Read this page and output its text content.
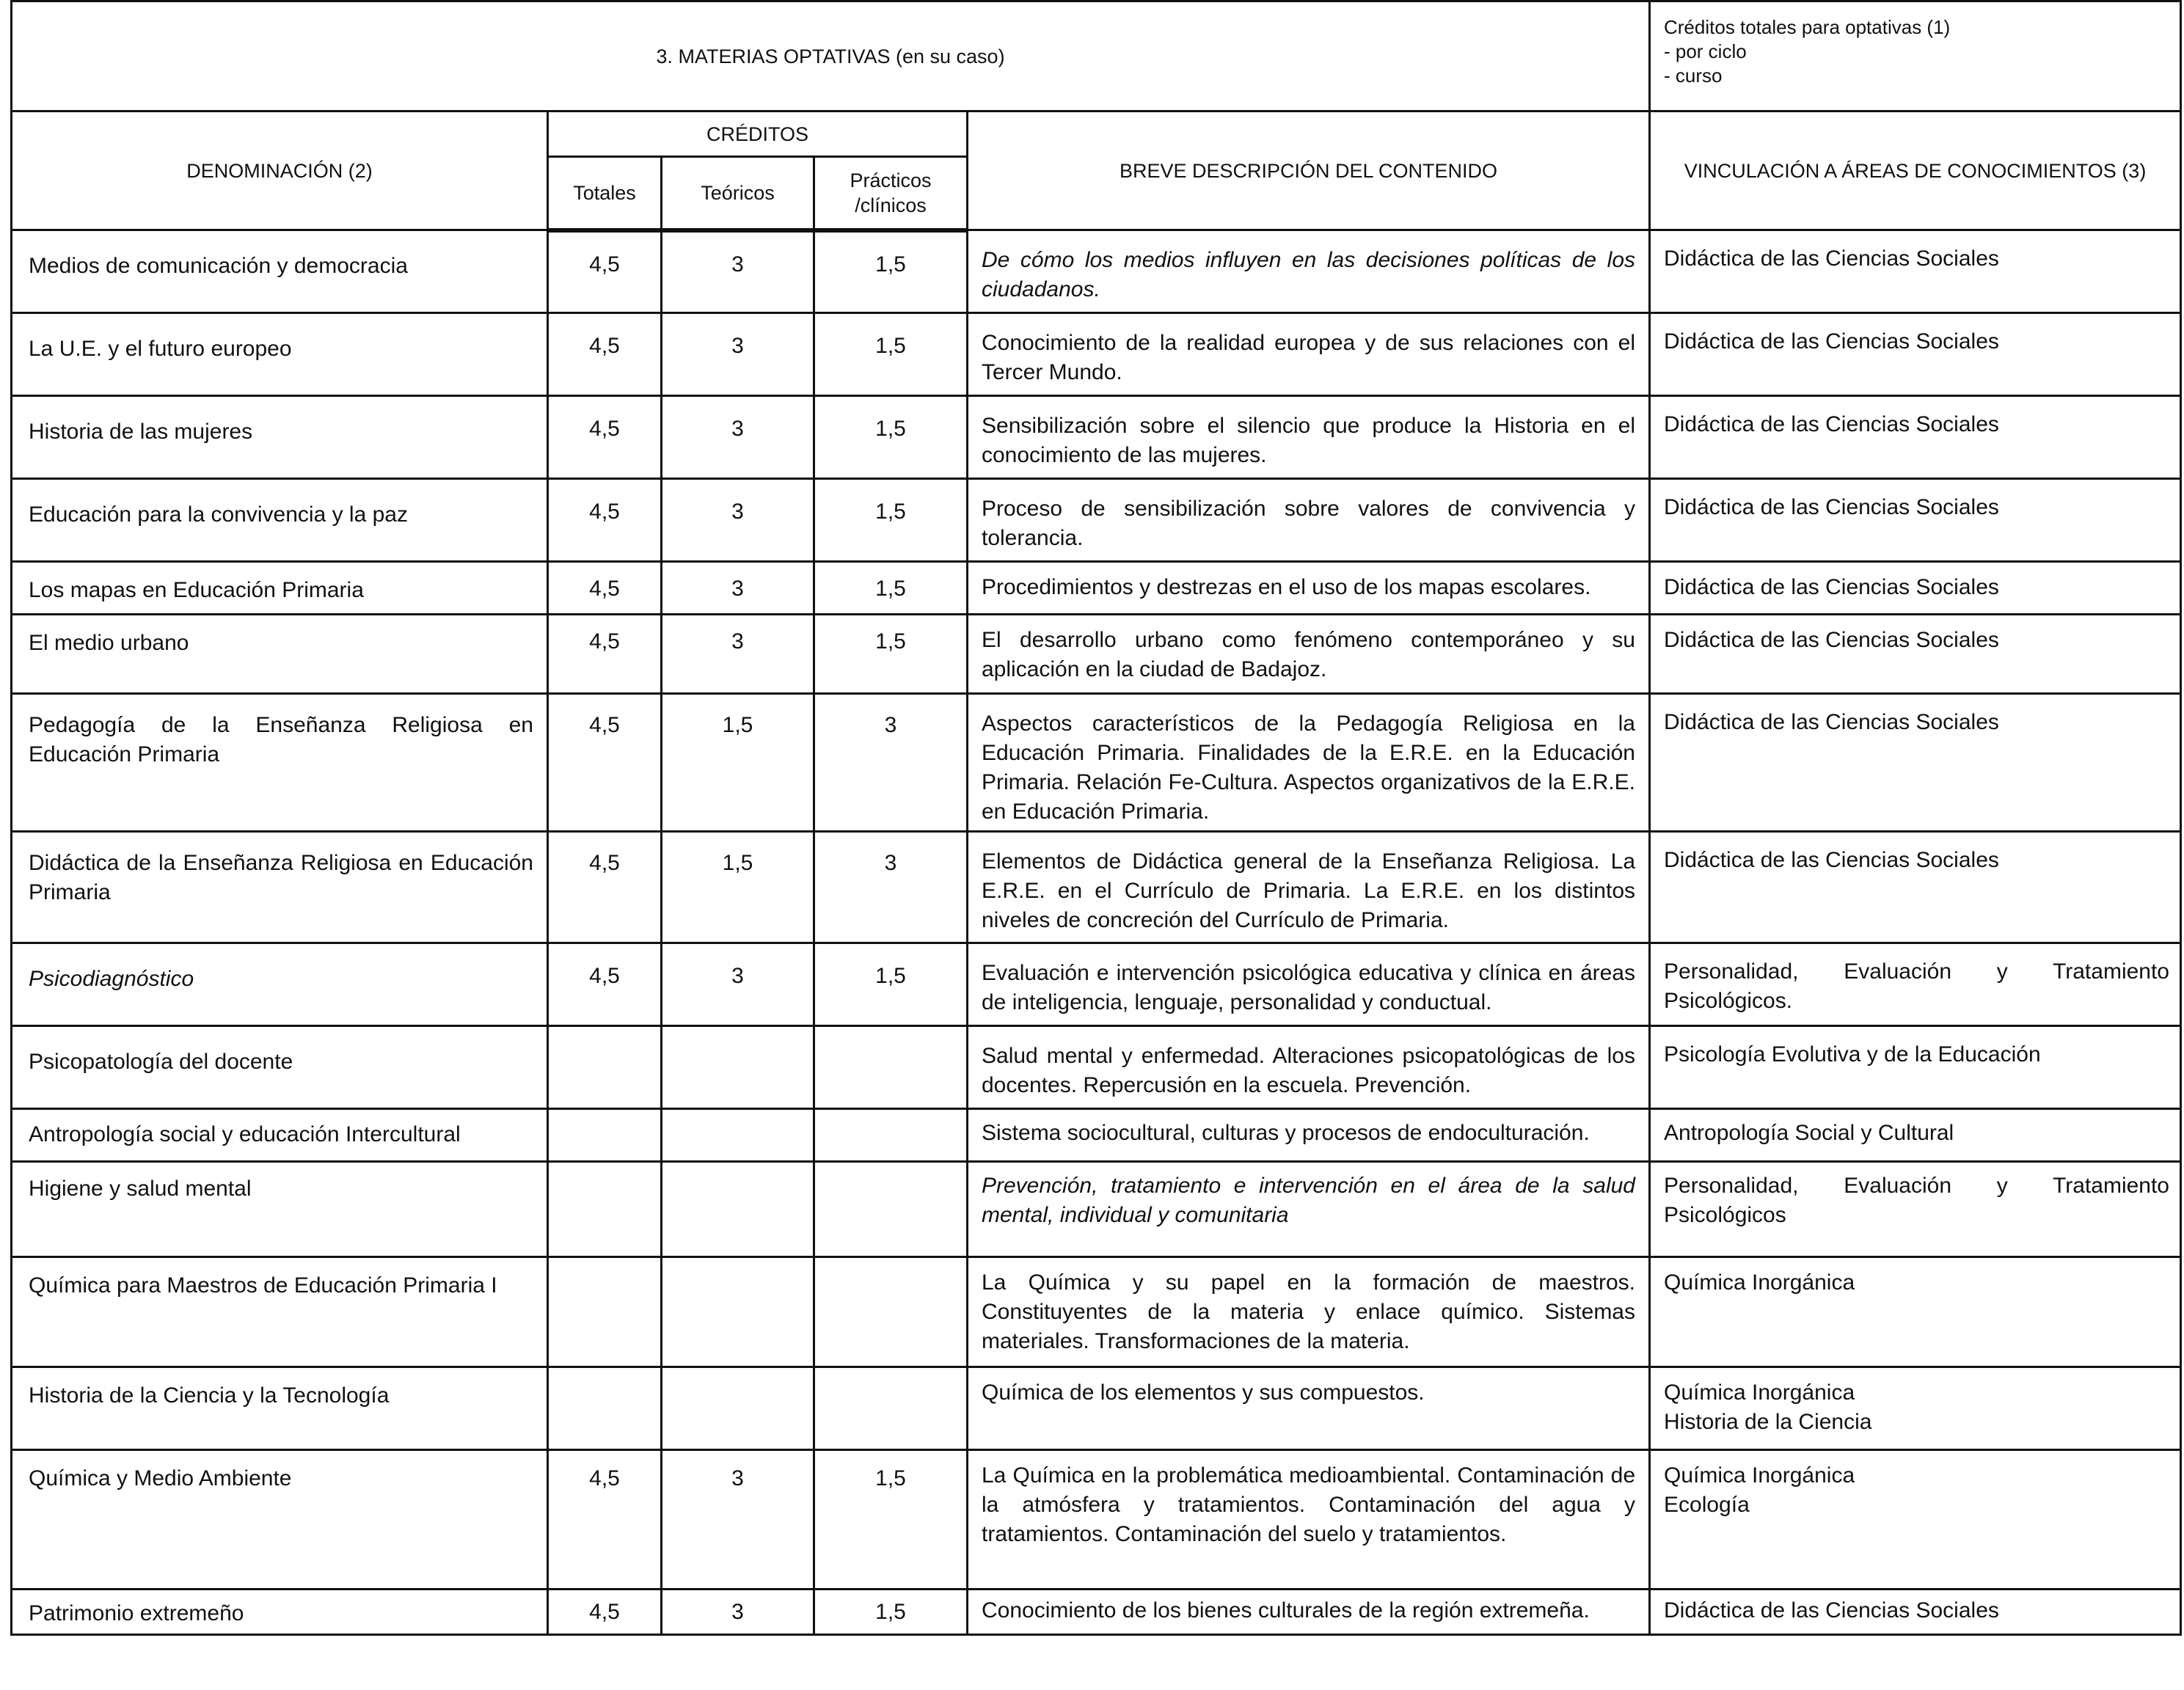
3. MATERIAS OPTATIVAS (en su caso)					Créditos totales para optativas (1)
- por ciclo
- curso
DENOMINACIÓN (2)	CRÉDITOS			BREVE DESCRIPCIÓN DEL CONTENIDO	VINCULACIÓN A ÁREAS DE CONOCIMIENTOS (3)
	Totales	Teóricos	Prácticos
/clínicos		
Medios de comunicación y democracia	4,5	3	1,5	De cómo los medios influyen en las decisiones políticas de los ciudadanos.	Didáctica de las Ciencias Sociales
La U.E. y el futuro europeo	4,5	3	1,5	Conocimiento de la realidad europea y de sus relaciones con el Tercer Mundo.	Didáctica de las Ciencias Sociales
Historia de las mujeres	4,5	3	1,5	Sensibilización sobre el silencio que produce la Historia en el conocimiento de las mujeres.	Didáctica de las Ciencias Sociales
Educación para la convivencia y la paz	4,5	3	1,5	Proceso de sensibilización sobre valores de convivencia y tolerancia.	Didáctica de las Ciencias Sociales
Los mapas en Educación Primaria	4,5	3	1,5	Procedimientos y destrezas en el uso de los mapas escolares.	Didáctica de las Ciencias Sociales
El medio urbano	4,5	3	1,5	El desarrollo urbano como fenómeno contemporáneo y su aplicación en la ciudad de Badajoz.	Didáctica de las Ciencias Sociales
Pedagogía de la Enseñanza Religiosa en Educación Primaria	4,5	1,5	3	Aspectos característicos de la Pedagogía Religiosa en la Educación Primaria. Finalidades de la E.R.E. en la Educación Primaria. Relación Fe-Cultura. Aspectos organizativos de la E.R.E. en Educación Primaria.	Didáctica de las Ciencias Sociales
Didáctica de la Enseñanza Religiosa en Educación Primaria	4,5	1,5	3	Elementos de Didáctica general de la Enseñanza Religiosa. La E.R.E. en el Currículo de Primaria. La E.R.E. en los distintos niveles de concreción del Currículo de Primaria.	Didáctica de las Ciencias Sociales
Psicodiagnóstico	4,5	3	1,5	Evaluación e intervención psicológica educativa y clínica en áreas de inteligencia, lenguaje, personalidad y conductual.	Personalidad, Evaluación y Tratamiento Psicológicos.
Psicopatología del docente				Salud mental y enfermedad. Alteraciones psicopatológicas de los docentes. Repercusión en la escuela. Prevención.	Psicología Evolutiva y de la Educación
Antropología social y educación Intercultural				Sistema sociocultural, culturas y procesos de endoculturación.	Antropología Social y Cultural
Higiene y salud mental				Prevención, tratamiento e intervención en el área de la salud mental, individual y comunitaria	Personalidad, Evaluación y Tratamiento Psicológicos
Química para Maestros de Educación Primaria I				La Química y su papel en la formación de maestros. Constituyentes de la materia y enlace químico. Sistemas materiales. Transformaciones de la materia.	Química Inorgánica
Historia de la Ciencia y la Tecnología				Química de los elementos y sus compuestos.	Química Inorgánica
Historia de la Ciencia
Química y Medio Ambiente	4,5	3	1,5	La Química en la problemática medioambiental. Contaminación de la atmósfera y tratamientos. Contaminación del agua y tratamientos. Contaminación del suelo y tratamientos.	Química Inorgánica
Ecología
Patrimonio extremeño	4,5	3	1,5	Conocimiento de los bienes culturales de la región extremeña.	Didáctica de las Ciencias Sociales
